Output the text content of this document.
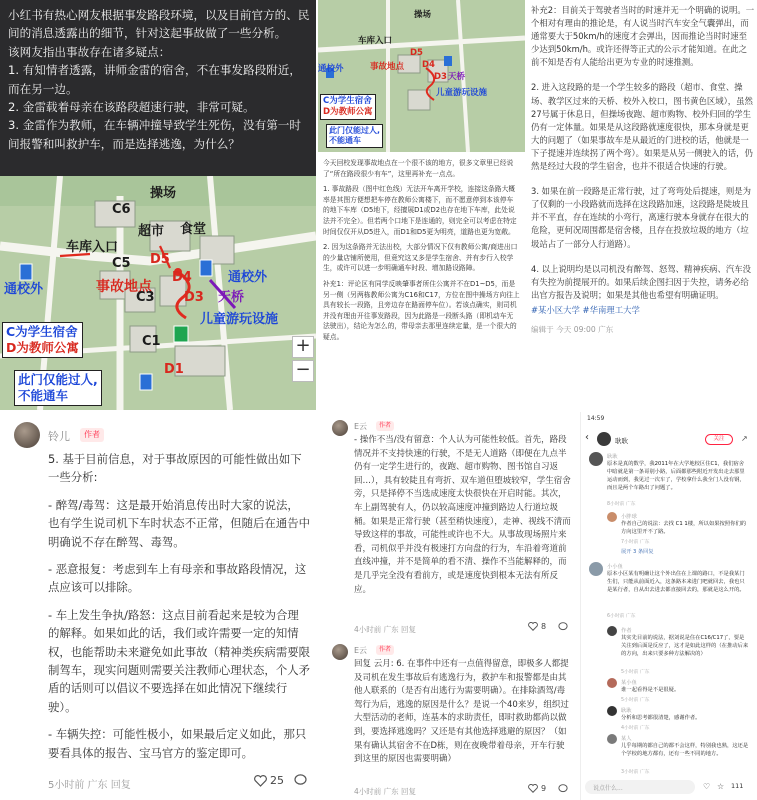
小红书有热心网友根据事发路段环境，以及目前官方的、民间的消息透露出的细节，针对这起事故做了一些分析。

该网友指出事故存在诸多疑点：

1. 有知情者透露，讲师金雷的宿舍，不在事发路段附近，而在另一边。

2. 金雷载着母亲在该路段超速行驶，非常可疑。

3. 金雷作为教师，在车辆冲撞导致学生死伤，没有第一时间报警和叫救护车，而是选择逃逸，为什么？

操场
C6
超市 食堂
车库入口
C5 D5
事故地点
D4	通校外
通校外
C3 D3 天桥
儿童游玩设施
C1
D1
C为学生宿舍
D为教师公寓
此门仅能过人,
不能通车
+
−
操场
车库入口
D5
事故地点 D4
D3 天桥
通校外
儿童游玩设施
C为学生宿舍
D为教师公寓
此门仅能过人,
不能通车

今天回校发现事故地点在一个很不该的地方，很多文章里已经说了“所在路段很少有车”，这里再补充一点点。

1. 事故路段（图中红色线）无法开车离开学校，连接这条路大概率是其图方便想把车停在教师公寓楼下，而不愿意停到本该停车的地下车库（D5地下，经擅展D1或D2也存在地下车库，此处说法并不完全）。但若两个口地下是连通的，则完全可以考虑在特定时间仅仅开从D5进入，而D1和D5更为明亮，道路也更为宽敞。

2. 因为这条路并无法出校，大部分情况下仅有教师公寓/商进出口的少量店铺所使用，但竟究这又多是学生宿舍、并有步行入校学生，或许可以进一步明确通车时段、增加路设路障。

补充1：评论区有同学反映肇事者所住公寓并不在D1~D5，而是另一侧（另两栋教师公寓为C16和C17，方位在图中操场方向往上具有较长一段路，且旁边存在路面停车位）。若该点确实，则司机并没有理由开往事发路段，因为此路是一段断头路（即机动车无法驶出），结论为怎么的，带母亲去那里连续定量，是一个很大的疑点。

补充2：目前关于驾驶者当时的时速并无一个明确的说明。一个相对有理由的推论是，有人说当时汽车安全气囊弹出，而通常要大于50km/h的速度才会弹出，因而推论当时时速至少达到50km/h。或许还得等正式的公示才能知道。在此之前不知是否有人能给出更为专业的时速推测。

2. 进入这段路的是一个学生较多的路段（超市、食堂、操场、教学区过来的天桥、校外入校口，图书黄色区域），虽然27号属于休息日，但操场夜跑、超市购物、校外归回的学生仍有一定体量。如果是从这段路就速度很快，那本身就是更大的问题了（如果事故车是从最近的门进校的话，他就是一下子提速并连续拐了两个弯）。如果是从另一侧驶入的话，仍然是经过大段的学生宿舍，也并不很适合快速的行驶。

3. 如果在前一段路是正常行驶，过了弯弯处后提速，则是为了仅剩的一小段路就而选择在这段路加速，这段路是陡坡且并不平直，存在连续的小弯行，离速行驶本身就存在很大的危险，更何况周围都是宿舍楼，且存在投放垃圾的地方（垃圾站占了一部分人行道路）。

4. 以上说明均是以司机没有醉驾、怒驾、精神疾病、汽车没有失控为前提展开的。如果后续企图扫因于失控，请务必给出官方报告及说明；如果是其他也希望有明确证明。

#某小区大学 #华南理工大学
编辑于 今天 09:00 广东
铃儿	作者

5. 基于目前信息，对于事故原因的可能性做出如下一些分析:

- 醉驾/毒驾：这是最开始消息传出时大家的说法，也有学生说司机下车时状态不正常，但随后在通告中明确说不存在醉驾、毒驾。

- 恶意报复：考虑到车上有母亲和事故路段情况，这点应该可以排除。

- 车上发生争执/路怒：这点目前看起来是较为合理的解释。如果如此的话，我们或许需要一定的知情权，也能帮助未来避免如此事故（精神类疾病需要限制驾车，现实问题则需要关注教师心理状态，个人矛盾的话则可以倡议不要选择在如此情况下继续行驶）。

- 车辆失控：可能性极小，如果最后定义如此，那只要看具体的报告、宝马官方的鉴定即可。

5小时前 广东 回复	25
E云	作者
- 操作不当/没有留意：个人认为可能性较低。首先，路段情况并不支持快速的行驶，不是无人道路（即便在九点半仍有一定学生进行的，夜跑、超市购物、图书馆自习返回…），具有较陡且有弯折、双车道但堕坡较窄，学生宿舍旁，只是择停不当选成速度太快很快在开启时能。其次，车上副驾驶有人，仍以较高速度冲撞到路边人行道垃圾桶。如果是正常行驶（甚至稍快速度），走神、视线不清而导致这样的事故，可能性或许也不大。从事故现场照片来看，司机似乎并没有极速打方向盘的行为，车沿着弯道前直线冲撞，并不是简单的看不清、操作不当能解释的，而是几乎完全没有看前方，或是速度快到根本无法有所反应。
4小时前 广东 回复	8
E云	作者
回复 云月: 6. 在事件中还有一点值得留意，即极多人都提及司机在发生事故后有逃逸行为，救护车和报警都是由其他人联系的（是否有出逃行为需要明确）。在排除酒驾/毒驾行为后，逃逸的原因是什么？是说一个40来岁，组织过大型活动的老师，连基本的求助责任，即时救助都尚以做到，要选择逃逸吗？又还是有其他选择逃避的原因？（如果有确认其宿舍不在D栋，则在夜晚带着母亲，开车行驶到这里的原因也需要明确）
4小时前 广东 回复	9
14:59
‹	耿耿	关注	↗
耿耿
原本是真的数学，我2011年在大学地校区住C1，我们宿舍中暗就是第一条哥别小路，后面都那些附近开发出走去那里运动而到，我见过一次车了，学校拿什么我全门人没有钢，而且是两个车路出了问题了。
8小时前 广东
小胖球
作者自己的说法：去找 C1 1楼，所以如果按照你们的方向这里开不了路。
7小时前 广东
展开 3 条回复
小小鱼
原本小区某有明确让这个外出住在上课的路口，不是我某门生们，只能从前面近入，这条路本来进门吧就回去，我也只是某行者，自从出去进去都直接回去的，那就是这么开的。
6小时前 广东
作者
其实先目前的说法，据刘说是住在C16/C17了，要是关注到后面是反应了，这才是如此这样的（在推动后来的方向，出来只要多种方法解决的）
5小时前 广东
某小鱼
谁一起看得是不是很疑。
5小时前 广东
耿耿
分析和思考都很清楚，感谢作者。
4小时前 广东
某人
儿乎每期的都自己的都不会这样，特别我也熟，这还是个学校的地方都有，还有一些不同的地方。
3小时前 广东
说点什么...	♡ ☆ 111
